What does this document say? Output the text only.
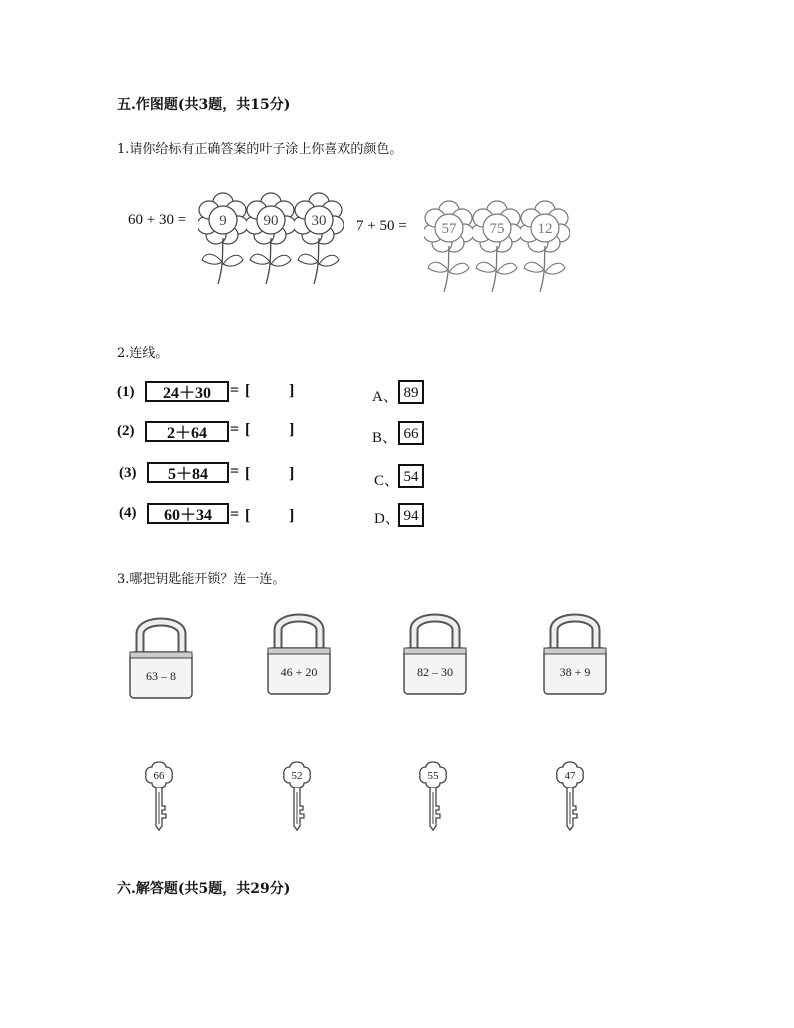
五.作图题(共3题，共15分)
1.请你给标有正确答案的叶子涂上你喜欢的颜色。
60 + 30 =	7 + 50 =
9 90 30	57 75 12
2.连线。
(1)	24＋30	= [ ]
(2)	2＋64	= [ ]
(3)	5＋84	= [ ]
(4)	60＋34	= [ ]
A、 89
B、 66
C、 54
D、 94
3.哪把钥匙能开锁？连一连。
63 – 8	46 + 20	82 – 30	38 + 9
66	52	55	47
六.解答题(共5题，共29分)
